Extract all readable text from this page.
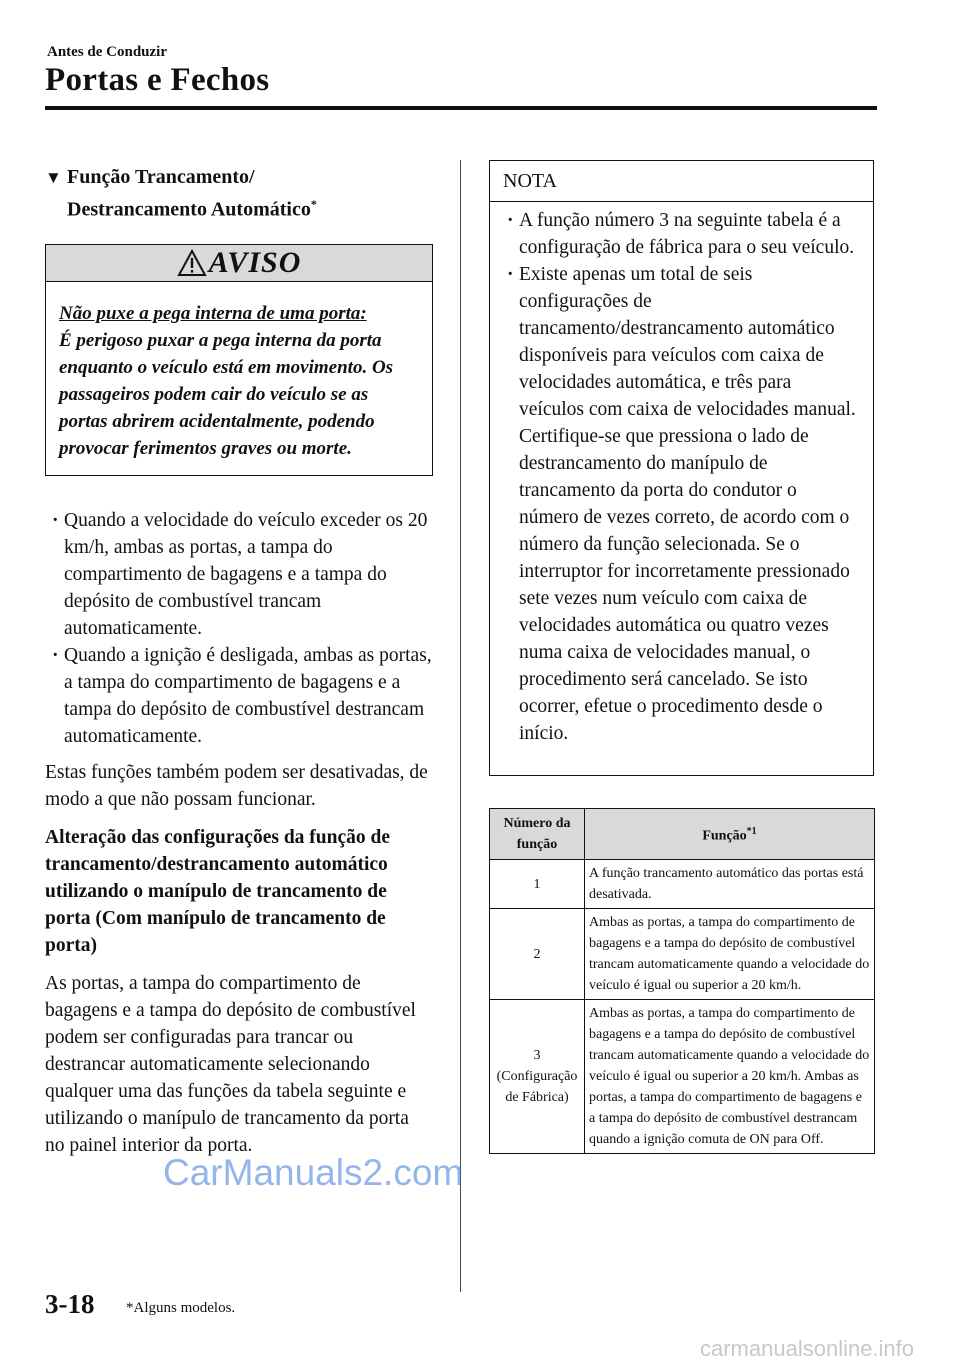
Antes de Conduzir
Portas e Fechos
▼ Função Trancamento/
Destrancamento Automático*
AVISO
Não puxe a pega interna de uma porta:
É perigoso puxar a pega interna da porta enquanto o veículo está em movimento. Os passageiros podem cair do veículo se as portas abrirem acidentalmente, podendo provocar ferimentos graves ou morte.
· Quando a velocidade do veículo exceder os 20 km/h, ambas as portas, a tampa do compartimento de bagagens e a tampa do depósito de combustível trancam automaticamente.
· Quando a ignição é desligada, ambas as portas, a tampa do compartimento de bagagens e a tampa do depósito de combustível destrancam automaticamente.
Estas funções também podem ser desativadas, de modo a que não possam funcionar.
Alteração das configurações da função de trancamento/destrancamento automático utilizando o manípulo de trancamento de porta (Com manípulo de trancamento de porta)
As portas, a tampa do compartimento de bagagens e a tampa do depósito de combustível podem ser configuradas para trancar ou destrancar automaticamente selecionando qualquer uma das funções da tabela seguinte e utilizando o manípulo de trancamento da porta no painel interior da porta.
NOTA
· A função número 3 na seguinte tabela é a configuração de fábrica para o seu veículo.
· Existe apenas um total de seis configurações de trancamento/destrancamento automático disponíveis para veículos com caixa de velocidades automática, e três para veículos com caixa de velocidades manual. Certifique-se que pressiona o lado de destrancamento do manípulo de trancamento da porta do condutor o número de vezes correto, de acordo com o número da função selecionada. Se o interruptor for incorretamente pressionado sete vezes num veículo com caixa de velocidades automática ou quatro vezes numa caixa de velocidades manual, o procedimento será cancelado. Se isto ocorrer, efetue o procedimento desde o início.
Número da função	Função$^{*1}$
1	A função trancamento automático das portas está desativada.
2	Ambas as portas, a tampa do compartimento de bagagens e a tampa do depósito de combustível trancam automaticamente quando a velocidade do veículo é igual ou superior a 20 km/h.
3 (Configuração de Fábrica)	Ambas as portas, a tampa do compartimento de bagagens e a tampa do depósito de combustível trancam automaticamente quando a velocidade do veículo é igual ou superior a 20 km/h. Ambas as portas, a tampa do compartimento de bagagens e a tampa do depósito de combustível destrancam quando a ignição comuta de ON para Off.
3-18 *Alguns modelos.
CarManuals2.com
carmanualsonline.info
